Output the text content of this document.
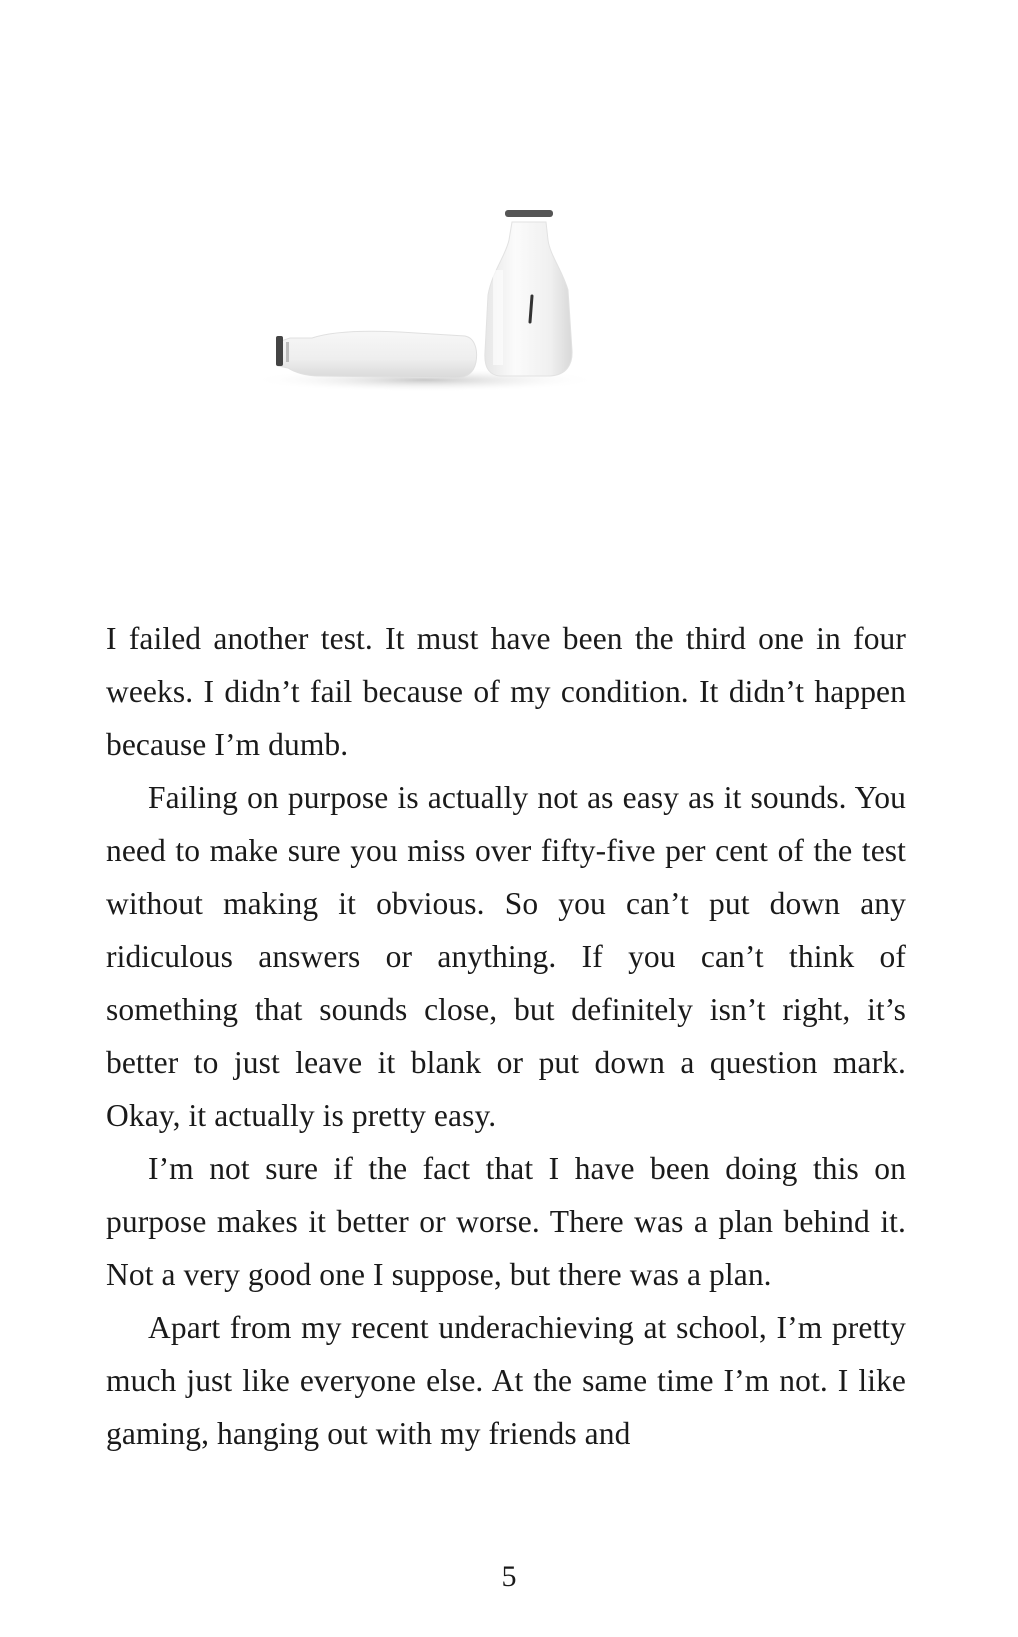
I failed another test. It must have been the third one in four weeks. I didn’t fail because of my condition. It didn’t happen because I’m dumb.

Failing on purpose is actually not as easy as it sounds. You need to make sure you miss over fifty-five per cent of the test without making it obvious. So you can’t put down any ridiculous answers or anything. If you can’t think of something that sounds close, but definitely isn’t right, it’s better to just leave it blank or put down a question mark. Okay, it actually is pretty easy.

I’m not sure if the fact that I have been doing this on purpose makes it better or worse. There was a plan behind it. Not a very good one I suppose, but there was a plan.

Apart from my recent underachieving at school, I’m pretty much just like everyone else. At the same time I’m not. I like gaming, hanging out with my friends and

5
